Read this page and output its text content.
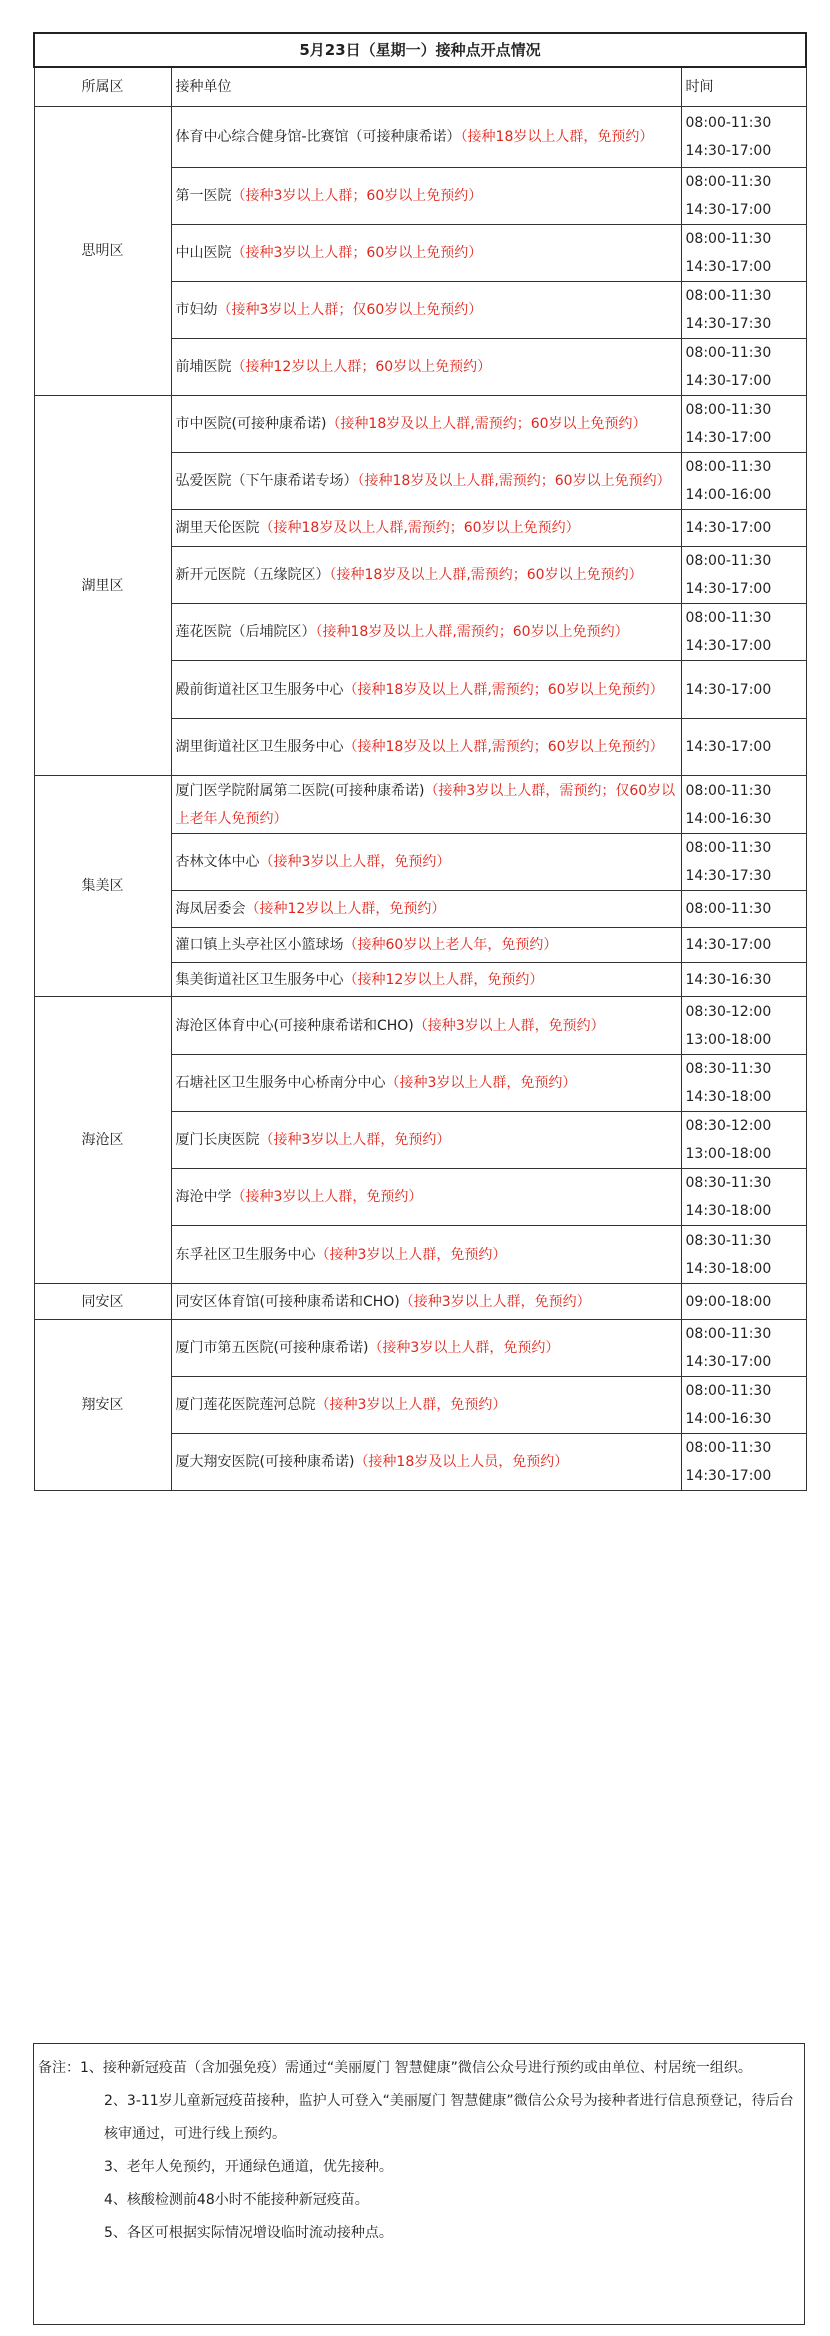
5月23日（星期一）接种点开点情况		
所属区	接种单位	时间
思明区	体育中心综合健身馆-比赛馆（可接种康希诺）（接种18岁以上人群，免预约）	08:00-11:30
14:30-17:00

	第一医院（接种3岁以上人群；60岁以上免预约）	08:00-11:30
14:30-17:00

	中山医院（接种3岁以上人群；60岁以上免预约）	08:00-11:30
14:30-17:00

	市妇幼（接种3岁以上人群；仅60岁以上免预约）	08:00-11:30
14:30-17:30

	前埔医院（接种12岁以上人群；60岁以上免预约）	08:00-11:30
14:30-17:00

湖里区	市中医院(可接种康希诺)（接种18岁及以上人群,需预约；60岁以上免预约）	08:00-11:30
14:30-17:00

	弘爱医院（下午康希诺专场）（接种18岁及以上人群,需预约；60岁以上免预约）	08:00-11:30
14:00-16:00

	湖里天伦医院（接种18岁及以上人群,需预约；60岁以上免预约）	14:30-17:00

	新开元医院（五缘院区）（接种18岁及以上人群,需预约；60岁以上免预约）	08:00-11:30
14:30-17:00

	莲花医院（后埔院区）（接种18岁及以上人群,需预约；60岁以上免预约）	08:00-11:30
14:30-17:00

	殿前街道社区卫生服务中心（接种18岁及以上人群,需预约；60岁以上免预约）	14:30-17:00

	湖里街道社区卫生服务中心（接种18岁及以上人群,需预约；60岁以上免预约）	14:30-17:00

集美区	厦门医学院附属第二医院(可接种康希诺)（接种3岁以上人群，需预约；仅60岁以上老年人免预约）	08:00-11:30
14:00-16:30

	杏林文体中心（接种3岁以上人群，免预约）	08:00-11:30
14:30-17:30

	海凤居委会（接种12岁以上人群，免预约）	08:00-11:30

	灌口镇上头亭社区小篮球场（接种60岁以上老人年，免预约）	14:30-17:00

	集美街道社区卫生服务中心（接种12岁以上人群，免预约）	14:30-16:30

海沧区	海沧区体育中心(可接种康希诺和CHO)（接种3岁以上人群，免预约）	08:30-12:00
13:00-18:00

	石塘社区卫生服务中心桥南分中心（接种3岁以上人群，免预约）	08:30-11:30
14:30-18:00

	厦门长庚医院（接种3岁以上人群，免预约）	08:30-12:00
13:00-18:00

	海沧中学（接种3岁以上人群，免预约）	08:30-11:30
14:30-18:00

	东孚社区卫生服务中心（接种3岁以上人群，免预约）	08:30-11:30
14:30-18:00

同安区	同安区体育馆(可接种康希诺和CHO)（接种3岁以上人群，免预约）	09:00-18:00

翔安区	厦门市第五医院(可接种康希诺)（接种3岁以上人群，免预约）	08:00-11:30
14:30-17:00

	厦门莲花医院莲河总院（接种3岁以上人群，免预约）	08:00-11:30
14:00-16:30

	厦大翔安医院(可接种康希诺)（接种18岁及以上人员，免预约）	08:00-11:30
14:30-17:00

备注：1、接种新冠疫苗（含加强免疫）需通过“美丽厦门 智慧健康”微信公众号进行预约或由单位、村居统一组织。

2、3-11岁儿童新冠疫苗接种，监护人可登入“美丽厦门 智慧健康”微信公众号为接种者进行信息预登记，待后台核审通过，可进行线上预约。

3、老年人免预约，开通绿色通道，优先接种。

4、核酸检测前48小时不能接种新冠疫苗。

5、各区可根据实际情况增设临时流动接种点。
